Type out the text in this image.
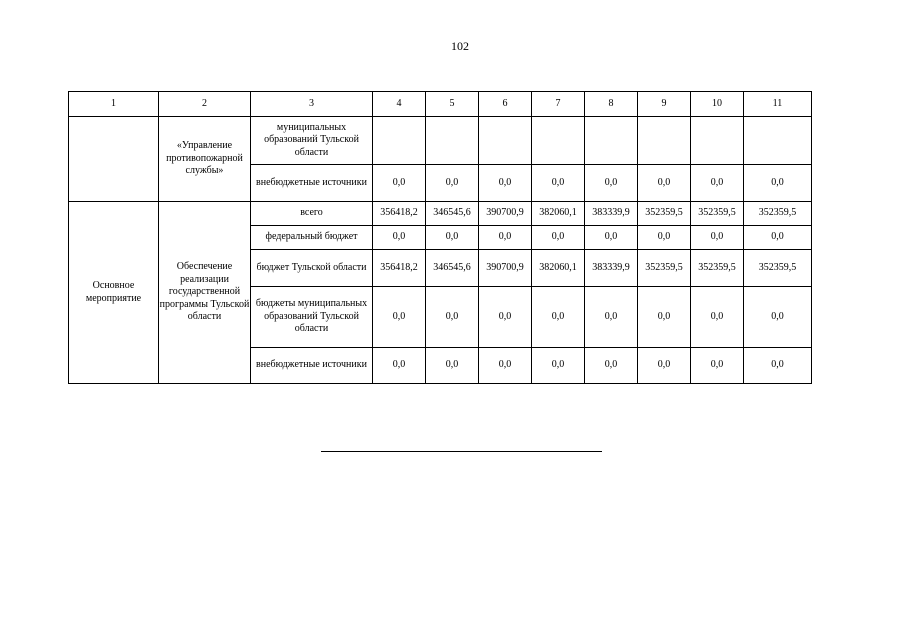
102
1	2	3	4	5	6	7	8	9	10	11
	«Управление противопожарной службы»	муниципальных образований Тульской области								
		внебюджетные источники	0,0	0,0	0,0	0,0	0,0	0,0	0,0	0,0
Основное мероприятие	Обеспечение реализации государственной программы Тульской области	всего	356418,2	346545,6	390700,9	382060,1	383339,9	352359,5	352359,5	352359,5
		федеральный бюджет	0,0	0,0	0,0	0,0	0,0	0,0	0,0	0,0
		бюджет Тульской области	356418,2	346545,6	390700,9	382060,1	383339,9	352359,5	352359,5	352359,5
		бюджеты муниципальных образований Тульской области	0,0	0,0	0,0	0,0	0,0	0,0	0,0	0,0
		внебюджетные источники	0,0	0,0	0,0	0,0	0,0	0,0	0,0	0,0
